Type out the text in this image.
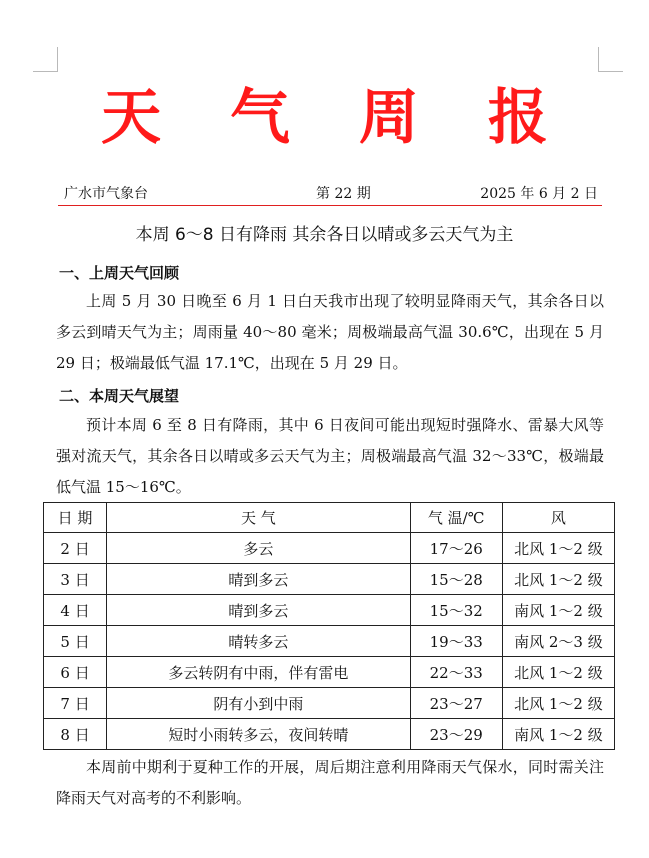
天 气 周 报
广水市气象台	第 22 期	2025 年 6 月 2 日
本周 6～8 日有降雨 其余各日以晴或多云天气为主
一、上周天气回顾

上周 5 月 30 日晚至 6 月 1 日白天我市出现了较明显降雨天气，其余各日以多云到晴天气为主；周雨量 40～80 毫米；周极端最高气温 30.6℃，出现在 5 月 29 日；极端最低气温 17.1℃，出现在 5 月 29 日。

二、本周天气展望

预计本周 6 至 8 日有降雨，其中 6 日夜间可能出现短时强降水、雷暴大风等强对流天气，其余各日以晴或多云天气为主；周极端最高气温 32～33℃，极端最低气温 15～16℃。

日 期	天 气	气 温/℃	风
2 日	多云	17～26	北风 1～2 级
3 日	晴到多云	15～28	北风 1～2 级
4 日	晴到多云	15～32	南风 1～2 级
5 日	晴转多云	19～33	南风 2～3 级
6 日	多云转阴有中雨，伴有雷电	22～33	北风 1～2 级
7 日	阴有小到中雨	23～27	北风 1～2 级
8 日	短时小雨转多云，夜间转晴	23～29	南风 1～2 级

本周前中期利于夏种工作的开展，周后期注意利用降雨天气保水，同时需关注降雨天气对高考的不利影响。
